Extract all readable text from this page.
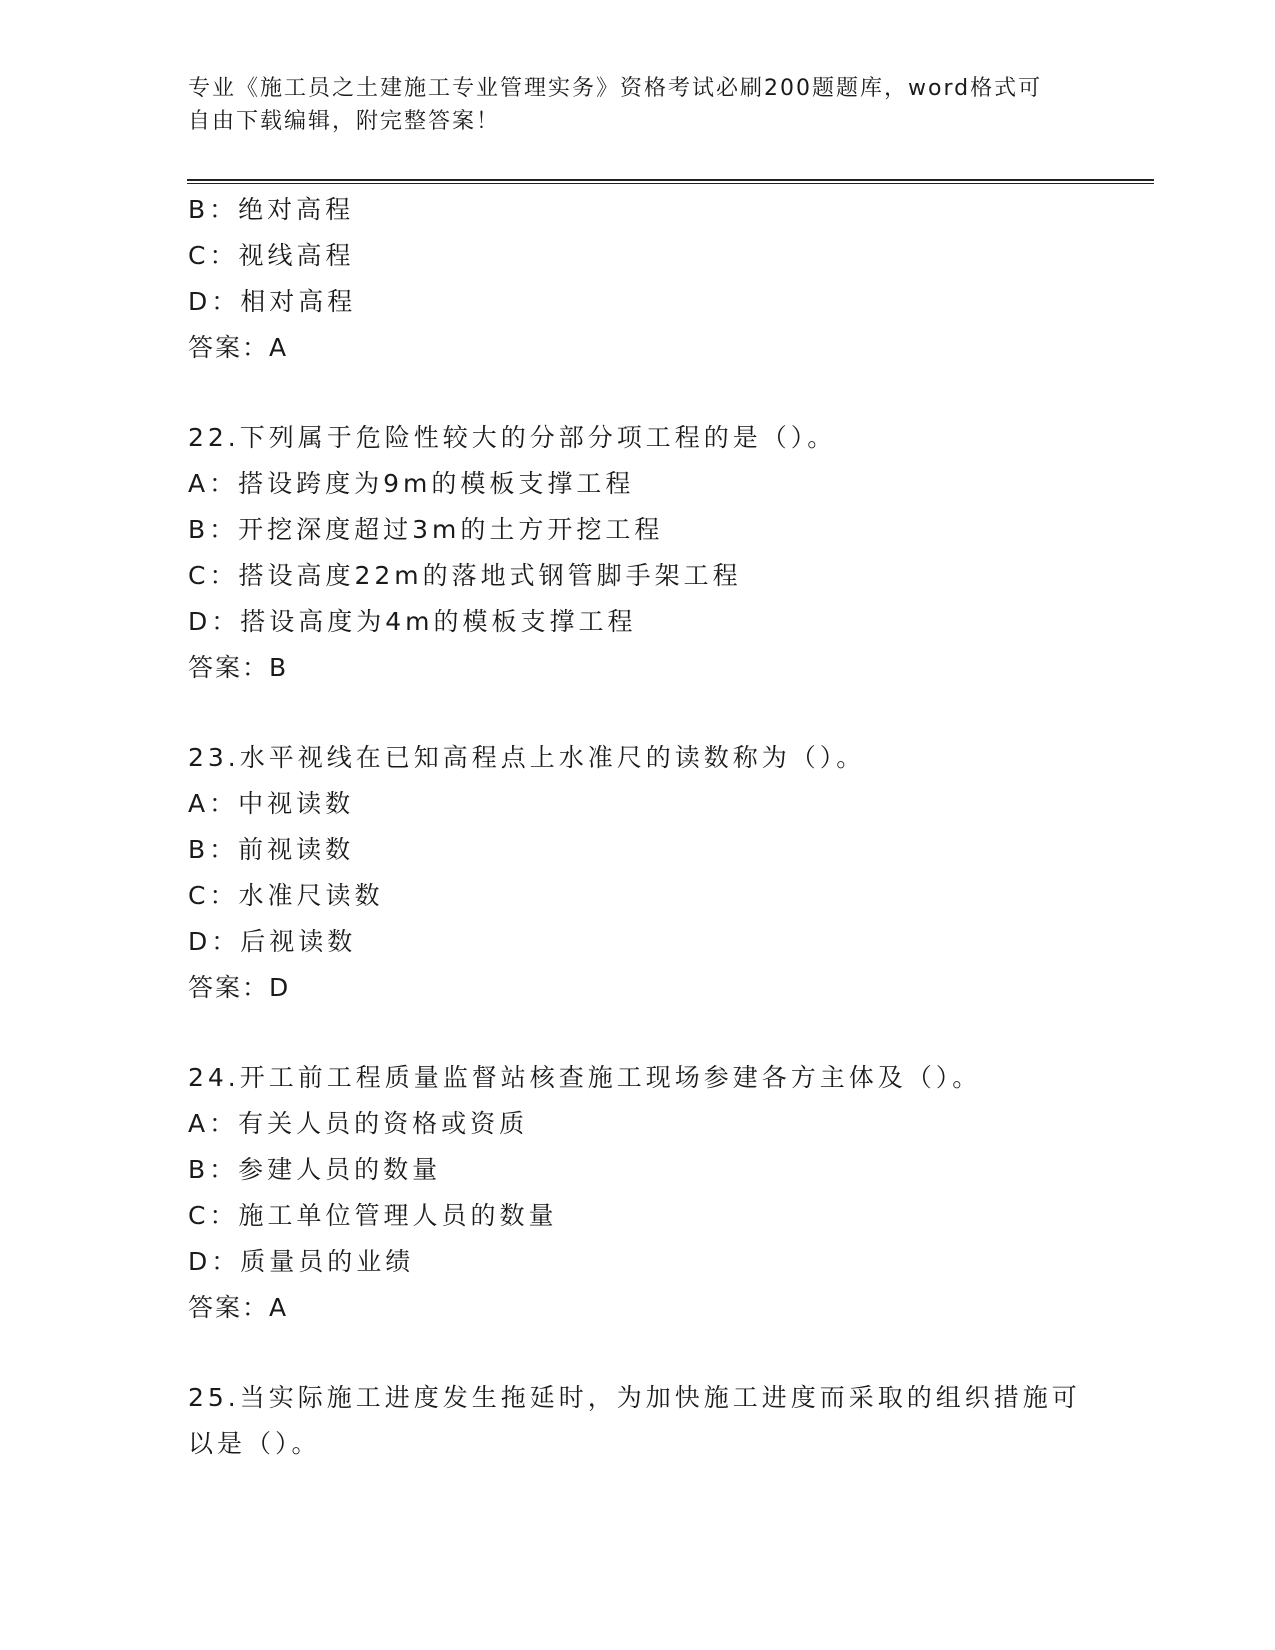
专业《施工员之土建施工专业管理实务》资格考试必刷200题题库，word格式可
自由下载编辑，附完整答案！
B：绝对高程
C：视线高程
D：相对高程
答案：A
22.下列属于危险性较大的分部分项工程的是（）。
A：搭设跨度为9m的模板支撑工程
B：开挖深度超过3m的土方开挖工程
C：搭设高度22m的落地式钢管脚手架工程
D：搭设高度为4m的模板支撑工程
答案：B
23.水平视线在已知高程点上水准尺的读数称为（）。
A：中视读数
B：前视读数
C：水准尺读数
D：后视读数
答案：D
24.开工前工程质量监督站核查施工现场参建各方主体及（）。
A：有关人员的资格或资质
B：参建人员的数量
C：施工单位管理人员的数量
D：质量员的业绩
答案：A
25.当实际施工进度发生拖延时，为加快施工进度而采取的组织措施可
以是（）。
